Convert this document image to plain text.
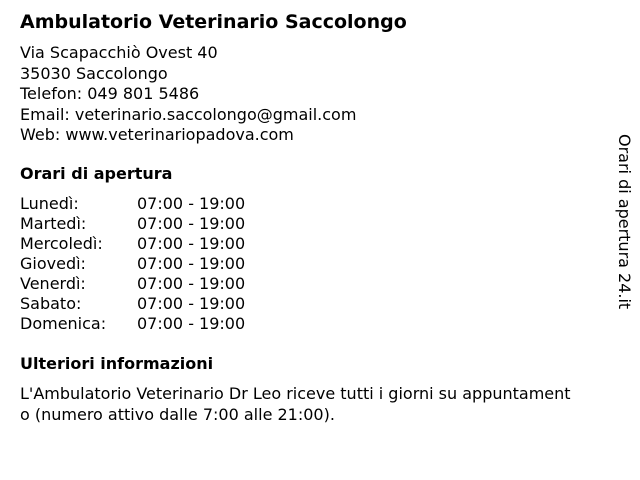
Ambulatorio Veterinario Saccolongo
Via Scapacchiò Ovest 40
35030 Saccolongo
Telefon: 049 801 5486
Email: veterinario.saccolongo@gmail.com
Web: www.veterinariopadova.com
Orari di apertura
Lunedì:	07:00 - 19:00
Martedì:	07:00 - 19:00
Mercoledì: 07:00 - 19:00
Giovedì:	07:00 - 19:00
Venerdì:	07:00 - 19:00
Sabato:	07:00 - 19:00
Domenica: 07:00 - 19:00
Ulteriori informazioni
L'Ambulatorio Veterinario Dr Leo riceve tutti i giorni su appuntamento (numero attivo dalle 7:00 alle 21:00).
Orari di apertura 24.it
